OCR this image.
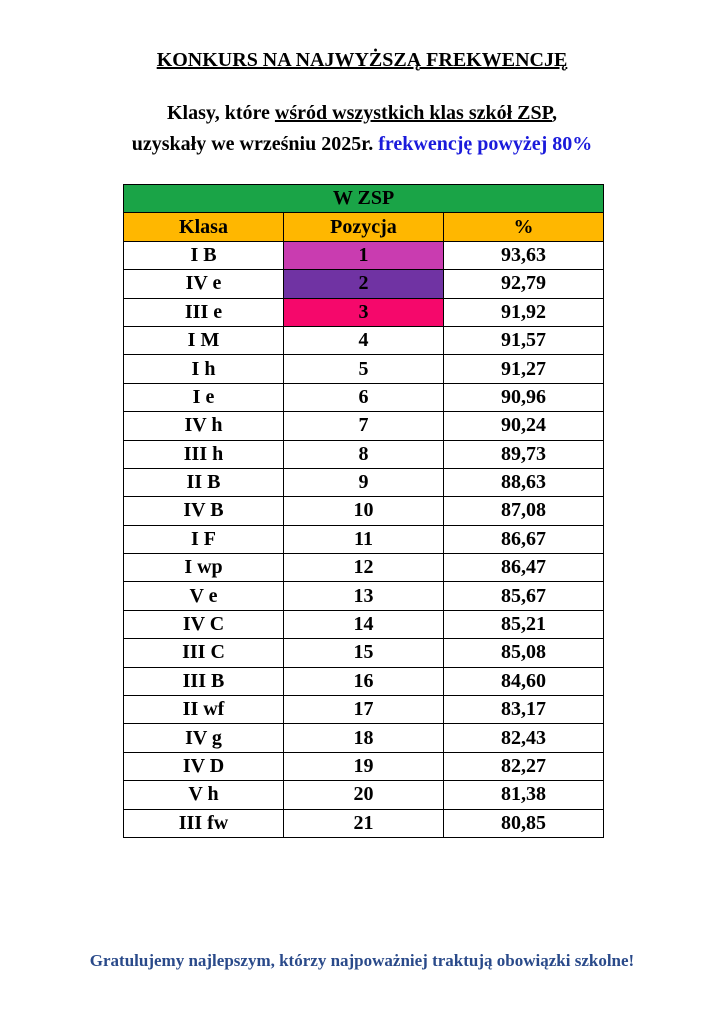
KONKURS NA NAJWYŻSZĄ FREKWENCJĘ
Klasy, które wśród wszystkich klas szkół ZSP,
uzyskały we wrześniu 2025r. frekwencję powyżej 80%
W ZSP		
Klasa	Pozycja	%
I B	1	93,63
IV e	2	92,79
III e	3	91,92
I M	4	91,57
I h	5	91,27
I e	6	90,96
IV h	7	90,24
III h	8	89,73
II B	9	88,63
IV B	10	87,08
I F	11	86,67
I wp	12	86,47
V e	13	85,67
IV C	14	85,21
III C	15	85,08
III B	16	84,60
II wf	17	83,17
IV g	18	82,43
IV D	19	82,27
V h	20	81,38
III fw	21	80,85
Gratulujemy najlepszym, którzy najpoważniej traktują obowiązki szkolne!
